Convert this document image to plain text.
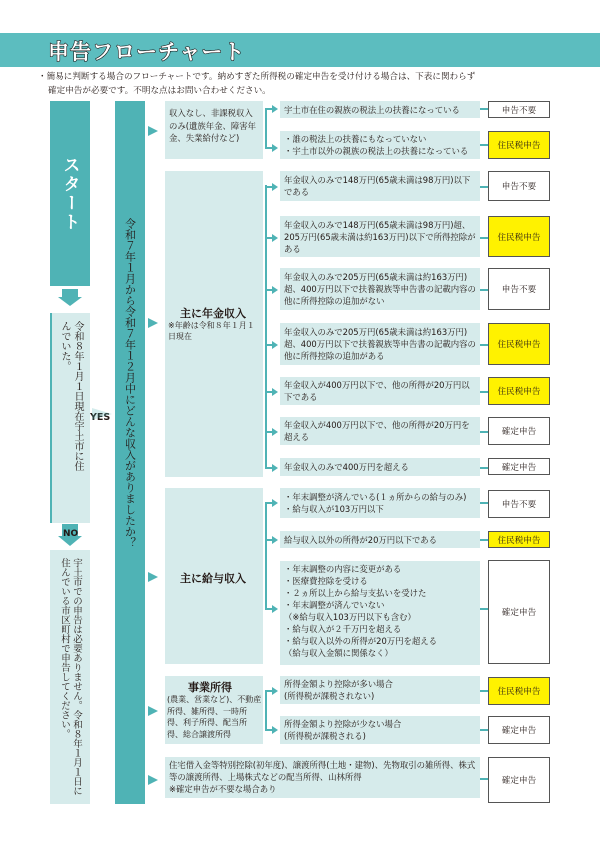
申告フローチャート
・簡易に判断する場合のフローチャートです。納めすぎた所得税の確定申告を受け付ける場合は、下表に関わらず
確定申告が必要です。不明な点はお問い合わせください。
スタート
令和８年１月１日現在宇土市に住んでいた。
YES
NO
宇土市での申告は必要ありません。令和８年１月１日に住んでいる市区町村で申告してください。
令和７年１月から令和７年１２月中にどんな収入がありましたか？
収入なし、非課税収入のみ(遺族年金、障害年金、失業給付など)
宇土市在住の親族の税法上の扶養になっている
・誰の税法上の扶養にもなっていない
・宇土市以外の親族の税法上の扶養になっている
申告不要
住民税申告
主に年金収入
※年齢は令和８年１月１日現在
年金収入のみで148万円(65歳未満は98万円)以下である	申告不要
年金収入のみで148万円(65歳未満は98万円)超、205万円(65歳未満は約163万円)以下で所得控除がある
住民税申告
年金収入のみで205万円(65歳未満は約163万円)超、400万円以下で扶養親族等申告書の記載内容の他に所得控除の追加がない
申告不要
年金収入のみで205万円(65歳未満は約163万円)超、400万円以下で扶養親族等申告書の記載内容の他に所得控除の追加がある
住民税申告
年金収入が400万円以下で、他の所得が20万円以下である	住民税申告
年金収入が400万円以下で、他の所得が20万円を超える	確定申告
年金収入のみで400万円を超える	確定申告
主に給与収入
・年末調整が済んでいる(１ヵ所からの給与のみ)
・給与収入が103万円以下	申告不要
給与収入以外の所得が20万円以下である	住民税申告
・年末調整の内容に変更がある
・医療費控除を受ける
・２ヵ所以上から給与支払いを受けた
・年末調整が済んでいない
（※給与収入103万円以下も含む）
・給与収入が２千万円を超える
・給与収入以外の所得が20万円を超える
（給与収入金額に関係なく）
確定申告
事業所得
(農業、営業など)、不動産所得、雑所得、一時所得、利子所得、配当所得、総合譲渡所得
所得金額より控除が多い場合
(所得税が課税されない)	住民税申告
所得金額より控除が少ない場合
(所得税が課税される)	確定申告
住宅借入金等特別控除(初年度)、譲渡所得(土地・建物)、先物取引の雑所得、株式等の譲渡所得、上場株式などの配当所得、山林所得
※確定申告が不要な場合あり
確定申告
